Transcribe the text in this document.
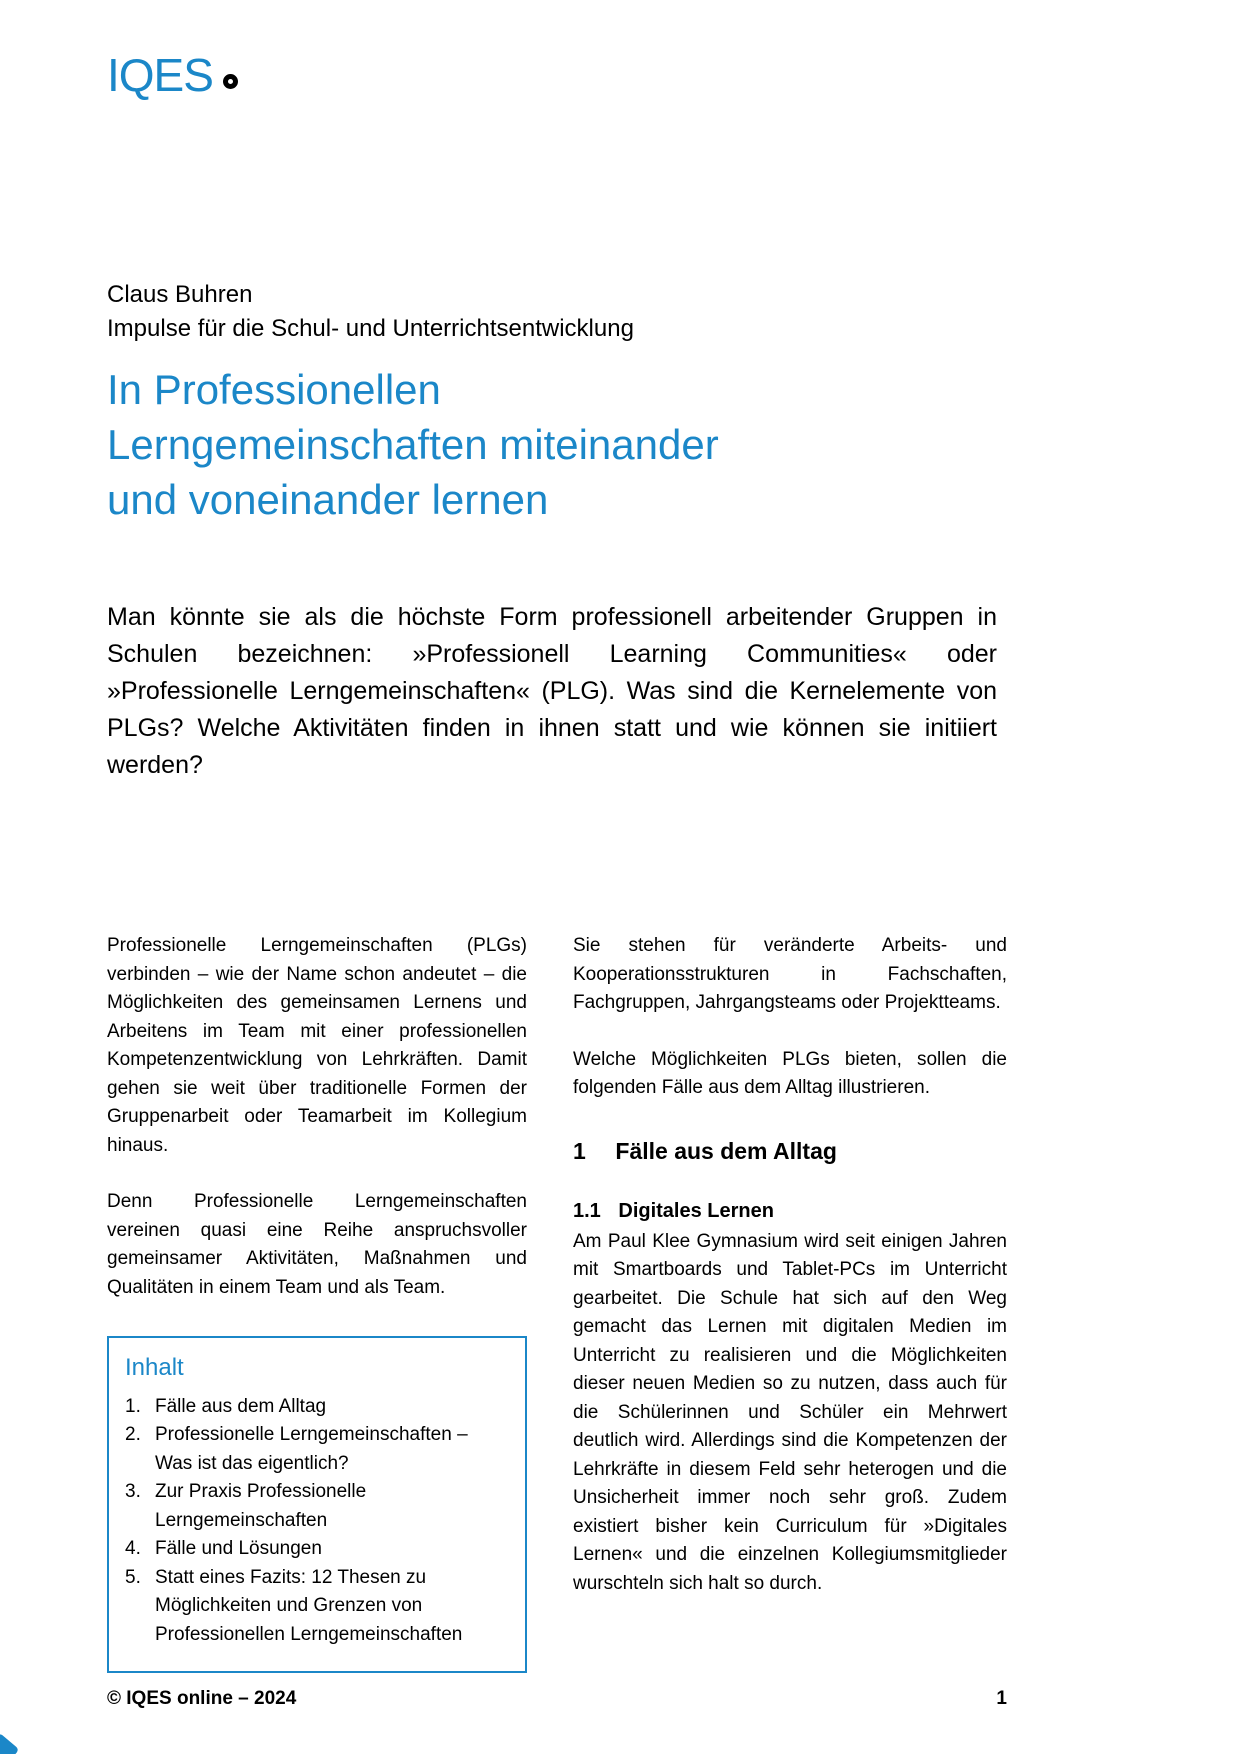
IQES
Claus Buhren
Impulse für die Schul- und Unterrichtsentwicklung
In Professionellen
Lerngemeinschaften miteinander
und voneinander lernen

Man könnte sie als die höchste Form professionell arbeitender Gruppen in Schulen bezeichnen: »Professionell Learning Communities« oder »Professionelle Lerngemeinschaften« (PLG). Was sind die Kernelemente von PLGs? Welche Aktivitäten finden in ihnen statt und wie können sie initiiert werden?

Professionelle Lerngemeinschaften (PLGs) verbinden – wie der Name schon andeutet – die Möglichkeiten des gemeinsamen Lernens und Arbeitens im Team mit einer professionellen Kompetenzentwicklung von Lehrkräften. Damit gehen sie weit über traditionelle Formen der Gruppenarbeit oder Teamarbeit im Kollegium hinaus.

Denn Professionelle Lerngemeinschaften vereinen quasi eine Reihe anspruchsvoller gemeinsamer Aktivitäten, Maßnahmen und Qualitäten in einem Team und als Team.

Inhalt
Fälle aus dem Alltag
Professionelle Lerngemeinschaften – Was ist das eigentlich?
Zur Praxis Professionelle Lerngemeinschaften
Fälle und Lösungen
Statt eines Fazits: 12 Thesen zu Möglichkeiten und Grenzen von Professionellen Lerngemeinschaften

Sie stehen für veränderte Arbeits- und Kooperationsstrukturen in Fachschaften, Fachgruppen, Jahrgangsteams oder Projektteams.

Welche Möglichkeiten PLGs bieten, sollen die folgenden Fälle aus dem Alltag illustrieren.

1 Fälle aus dem Alltag
1.1 Digitales Lernen

Am Paul Klee Gymnasium wird seit einigen Jahren mit Smartboards und Tablet-PCs im Unterricht gearbeitet. Die Schule hat sich auf den Weg gemacht das Lernen mit digitalen Medien im Unterricht zu realisieren und die Möglichkeiten dieser neuen Medien so zu nutzen, dass auch für die Schülerinnen und Schüler ein Mehrwert deutlich wird. Allerdings sind die Kompetenzen der Lehrkräfte in diesem Feld sehr heterogen und die Unsicherheit immer noch sehr groß. Zudem existiert bisher kein Curriculum für »Digitales Lernen« und die einzelnen Kollegiumsmitglieder wurschteln sich halt so durch.

© IQES online – 2024	1
